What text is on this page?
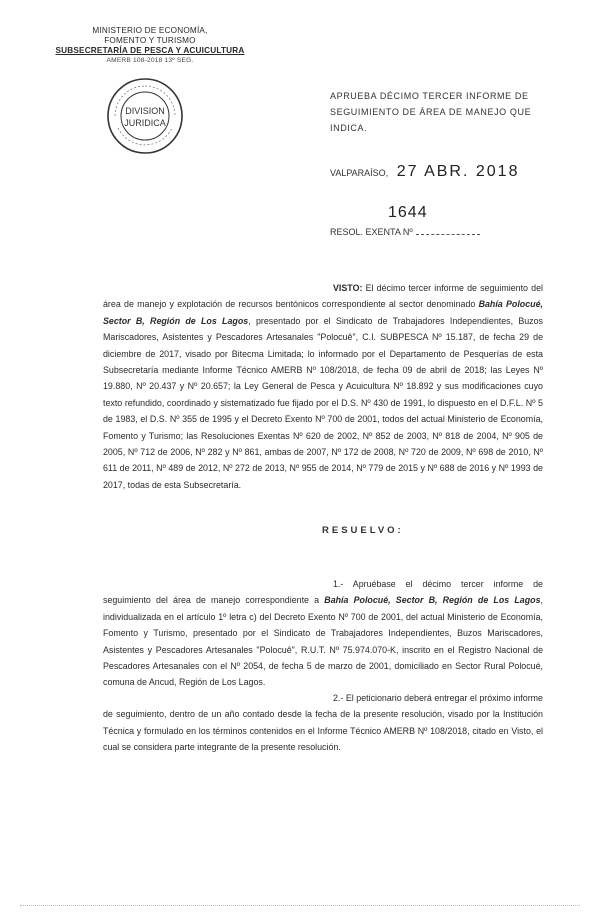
MINISTERIO DE ECONOMÍA,
FOMENTO Y TURISMO
SUBSECRETARÍA DE PESCA Y ACUICULTURA
AMERB 108-2018 13º SEG.
DIVISION
JURIDICA
APRUEBA DÉCIMO TERCER INFORME DE
SEGUIMIENTO DE ÁREA DE MANEJO QUE INDICA.
VALPARAÍSO, 27 ABR. 2018
1644
RESOL. EXENTA Nº
VISTO: El décimo tercer informe de seguimiento del área de manejo y explotación de recursos bentónicos correspondiente al sector denominado Bahía Polocué, Sector B, Región de Los Lagos, presentado por el Sindicato de Trabajadores Independientes, Buzos Mariscadores, Asistentes y Pescadores Artesanales "Polocuê", C.I. SUBPESCA Nº 15.187, de fecha 29 de diciembre de 2017, visado por Bitecma Limitada; lo informado por el Departamento de Pesquerías de esta Subsecretaría mediante Informe Técnico AMERB Nº 108/2018, de fecha 09 de abril de 2018; las Leyes Nº 19.880, Nº 20.437 y Nº 20.657; la Ley General de Pesca y Acuicultura Nº 18.892 y sus modificaciones cuyo texto refundido, coordinado y sistematizado fue fijado por el D.S. Nº 430 de 1991, lo dispuesto en el D.F.L. Nº 5 de 1983, el D.S. Nº 355 de 1995 y el Decreto Exento Nº 700 de 2001, todos del actual Ministerio de Economía, Fomento y Turismo; las Resoluciones Exentas Nº 620 de 2002, Nº 852 de 2003, Nº 818 de 2004, Nº 905 de 2005, Nº 712 de 2006, Nº 282 y Nº 861, ambas de 2007, Nº 172 de 2008, Nº 720 de 2009, Nº 698 de 2010, Nº 611 de 2011, Nº 489 de 2012, Nº 272 de 2013, Nº 955 de 2014, Nº 779 de 2015 y Nº 688 de 2016 y Nº 1993 de 2017, todas de esta Subsecretaría.
RESUELVO:
1.- Apruébase el décimo tercer informe de seguimiento del área de manejo correspondiente a Bahía Polocué, Sector B, Región de Los Lagos, individualizada en el artículo 1º letra c) del Decreto Exento Nº 700 de 2001, del actual Ministerio de Economía, Fomento y Turismo, presentado por el Sindicato de Trabajadores Independientes, Buzos Mariscadores, Asistentes y Pescadores Artesanales "Polocuê", R.U.T. Nº 75.974.070-K, inscrito en el Registro Nacional de Pescadores Artesanales con el Nº 2054, de fecha 5 de marzo de 2001, domiciliado en Sector Rural Polocué, comuna de Ancud, Región de Los Lagos.
2.- El peticionario deberá entregar el próximo informe de seguimiento, dentro de un año contado desde la fecha de la presente resolución, visado por la Institución Técnica y formulado en los términos contenidos en el Informe Técnico AMERB Nº 108/2018, citado en Visto, el cual se considera parte integrante de la presente resolución.
